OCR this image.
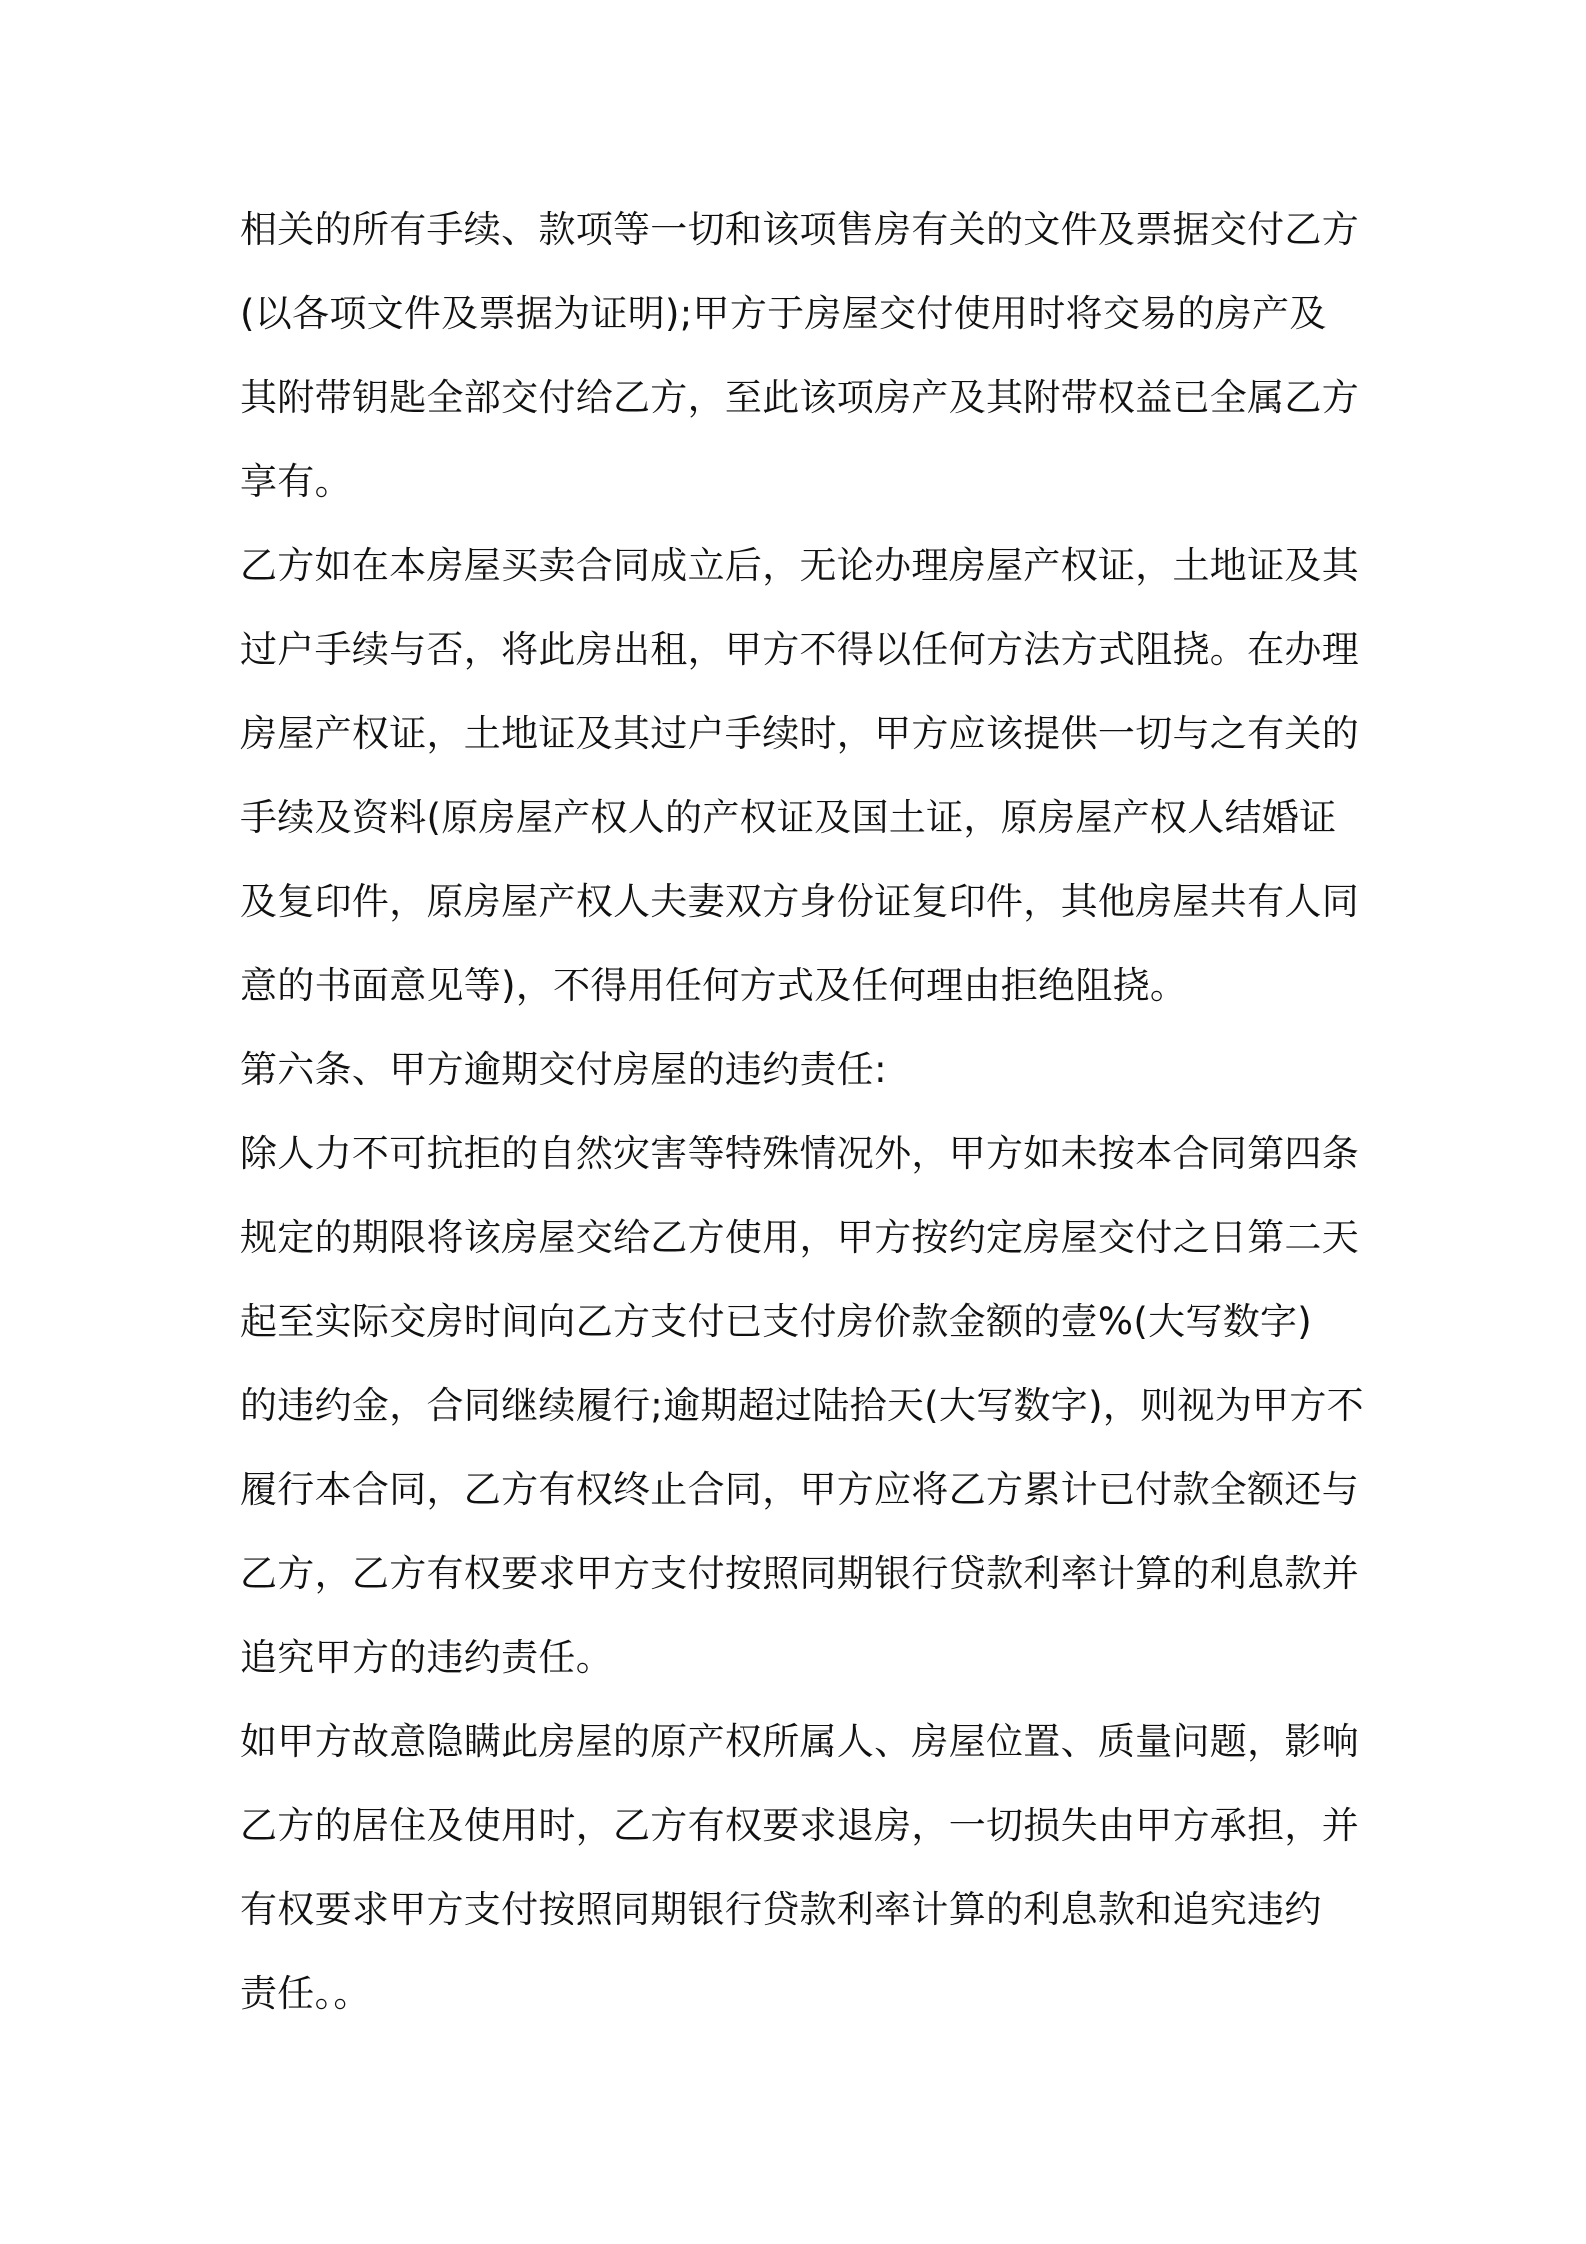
相关的所有手续、款项等一切和该项售房有关的文件及票据交付乙方
(以各项文件及票据为证明);甲方于房屋交付使用时将交易的房产及
其附带钥匙全部交付给乙方，至此该项房产及其附带权益已全属乙方
享有。
乙方如在本房屋买卖合同成立后，无论办理房屋产权证，土地证及其
过户手续与否，将此房出租，甲方不得以任何方法方式阻挠。在办理
房屋产权证，土地证及其过户手续时，甲方应该提供一切与之有关的
手续及资料(原房屋产权人的产权证及国土证，原房屋产权人结婚证
及复印件，原房屋产权人夫妻双方身份证复印件，其他房屋共有人同
意的书面意见等)，不得用任何方式及任何理由拒绝阻挠。
第六条、甲方逾期交付房屋的违约责任:
除人力不可抗拒的自然灾害等特殊情况外，甲方如未按本合同第四条
规定的期限将该房屋交给乙方使用，甲方按约定房屋交付之日第二天
起至实际交房时间向乙方支付已支付房价款金额的壹%(大写数字)
的违约金，合同继续履行;逾期超过陆拾天(大写数字)，则视为甲方不
履行本合同，乙方有权终止合同，甲方应将乙方累计已付款全额还与
乙方，乙方有权要求甲方支付按照同期银行贷款利率计算的利息款并
追究甲方的违约责任。
如甲方故意隐瞒此房屋的原产权所属人、房屋位置、质量问题，影响
乙方的居住及使用时，乙方有权要求退房，一切损失由甲方承担，并
有权要求甲方支付按照同期银行贷款利率计算的利息款和追究违约
责任。。
